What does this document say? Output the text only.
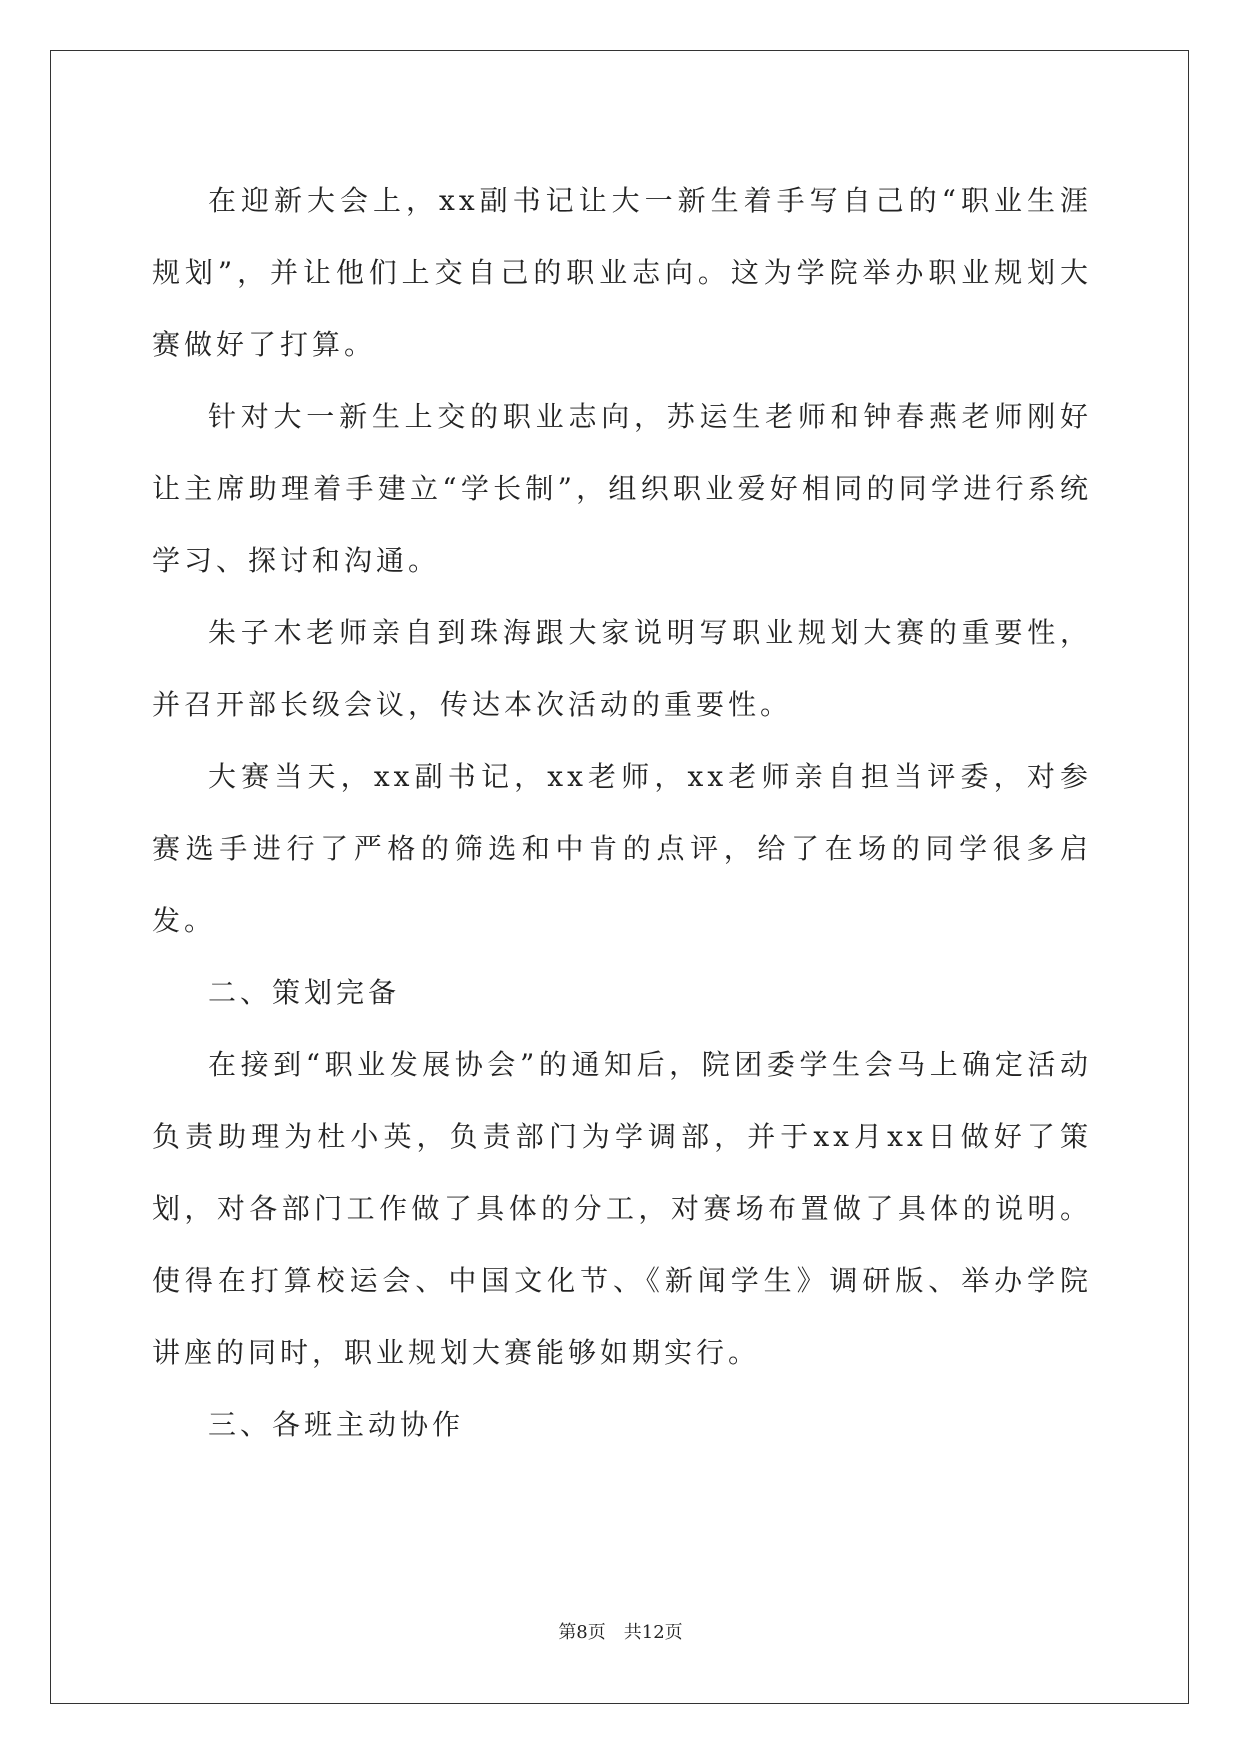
在迎新大会上，xx副书记让大一新生着手写自己的“职业生涯规划”，并让他们上交自己的职业志向。这为学院举办职业规划大赛做好了打算。

针对大一新生上交的职业志向，苏运生老师和钟春燕老师刚好让主席助理着手建立“学长制”，组织职业爱好相同的同学进行系统学习、探讨和沟通。

朱子木老师亲自到珠海跟大家说明写职业规划大赛的重要性，并召开部长级会议，传达本次活动的重要性。

大赛当天，xx副书记，xx老师，xx老师亲自担当评委，对参赛选手进行了严格的筛选和中肯的点评，给了在场的同学很多启发。

二、策划完备

在接到“职业发展协会”的通知后，院团委学生会马上确定活动负责助理为杜小英，负责部门为学调部，并于xx月xx日做好了策划，对各部门工作做了具体的分工，对赛场布置做了具体的说明。使得在打算校运会、中国文化节、《新闻学生》调研版、举办学院讲座的同时，职业规划大赛能够如期实行。

三、各班主动协作

第8页 共12页
